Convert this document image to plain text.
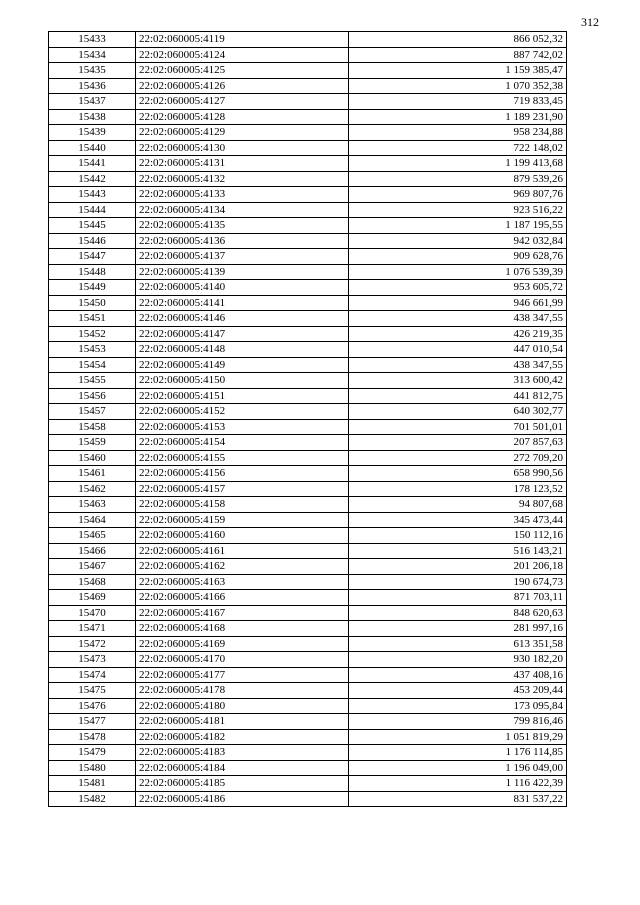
312
15433	22:02:060005:4119	866 052,32
15434	22:02:060005:4124	887 742,02
15435	22:02:060005:4125	1 159 385,47
15436	22:02:060005:4126	1 070 352,38
15437	22:02:060005:4127	719 833,45
15438	22:02:060005:4128	1 189 231,90
15439	22:02:060005:4129	958 234,88
15440	22:02:060005:4130	722 148,02
15441	22:02:060005:4131	1 199 413,68
15442	22:02:060005:4132	879 539,26
15443	22:02:060005:4133	969 807,76
15444	22:02:060005:4134	923 516,22
15445	22:02:060005:4135	1 187 195,55
15446	22:02:060005:4136	942 032,84
15447	22:02:060005:4137	909 628,76
15448	22:02:060005:4139	1 076 539,39
15449	22:02:060005:4140	953 605,72
15450	22:02:060005:4141	946 661,99
15451	22:02:060005:4146	438 347,55
15452	22:02:060005:4147	426 219,35
15453	22:02:060005:4148	447 010,54
15454	22:02:060005:4149	438 347,55
15455	22:02:060005:4150	313 600,42
15456	22:02:060005:4151	441 812,75
15457	22:02:060005:4152	640 302,77
15458	22:02:060005:4153	701 501,01
15459	22:02:060005:4154	207 857,63
15460	22:02:060005:4155	272 709,20
15461	22:02:060005:4156	658 990,56
15462	22:02:060005:4157	178 123,52
15463	22:02:060005:4158	94 807,68
15464	22:02:060005:4159	345 473,44
15465	22:02:060005:4160	150 112,16
15466	22:02:060005:4161	516 143,21
15467	22:02:060005:4162	201 206,18
15468	22:02:060005:4163	190 674,73
15469	22:02:060005:4166	871 703,11
15470	22:02:060005:4167	848 620,63
15471	22:02:060005:4168	281 997,16
15472	22:02:060005:4169	613 351,58
15473	22:02:060005:4170	930 182,20
15474	22:02:060005:4177	437 408,16
15475	22:02:060005:4178	453 209,44
15476	22:02:060005:4180	173 095,84
15477	22:02:060005:4181	799 816,46
15478	22:02:060005:4182	1 051 819,29
15479	22:02:060005:4183	1 176 114,85
15480	22:02:060005:4184	1 196 049,00
15481	22:02:060005:4185	1 116 422,39
15482	22:02:060005:4186	831 537,22
